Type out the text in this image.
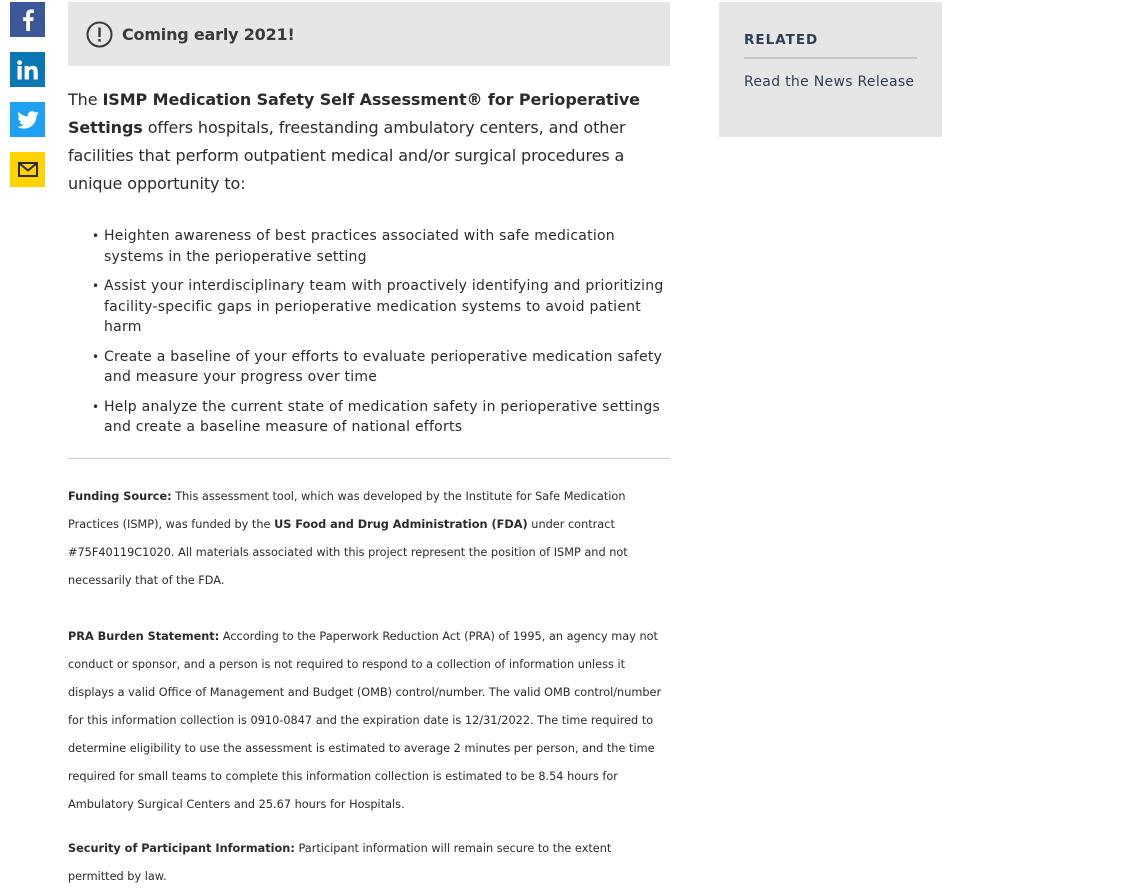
Coming early 2021!
The ISMP Medication Safety Self Assessment® for Perioperative Settings offers hospitals, freestanding ambulatory centers, and other facilities that perform outpatient medical and/or surgical procedures a unique opportunity to:
• Heighten awareness of best practices associated with safe medication systems in the perioperative setting
• Assist your interdisciplinary team with proactively identifying and prioritizing facility-specific gaps in perioperative medication systems to avoid patient harm
• Create a baseline of your efforts to evaluate perioperative medication safety and measure your progress over time
• Help analyze the current state of medication safety in perioperative settings and create a baseline measure of national efforts

Funding Source: This assessment tool, which was developed by the Institute for Safe Medication Practices (ISMP), was funded by the US Food and Drug Administration (FDA) under contract #75F40119C1020. All materials associated with this project represent the position of ISMP and not necessarily that of the FDA.

PRA Burden Statement: According to the Paperwork Reduction Act (PRA) of 1995, an agency may not conduct or sponsor, and a person is not required to respond to a collection of information unless it displays a valid Office of Management and Budget (OMB) control/number. The valid OMB control/number for this information collection is 0910-0847 and the expiration date is 12/31/2022. The time required to determine eligibility to use the assessment is estimated to average 2 minutes per person, and the time required for small teams to complete this information collection is estimated to be 8.54 hours for Ambulatory Surgical Centers and 25.67 hours for Hospitals.

Security of Participant Information: Participant information will remain secure to the extent permitted by law.

RELATED
Read the News Release
